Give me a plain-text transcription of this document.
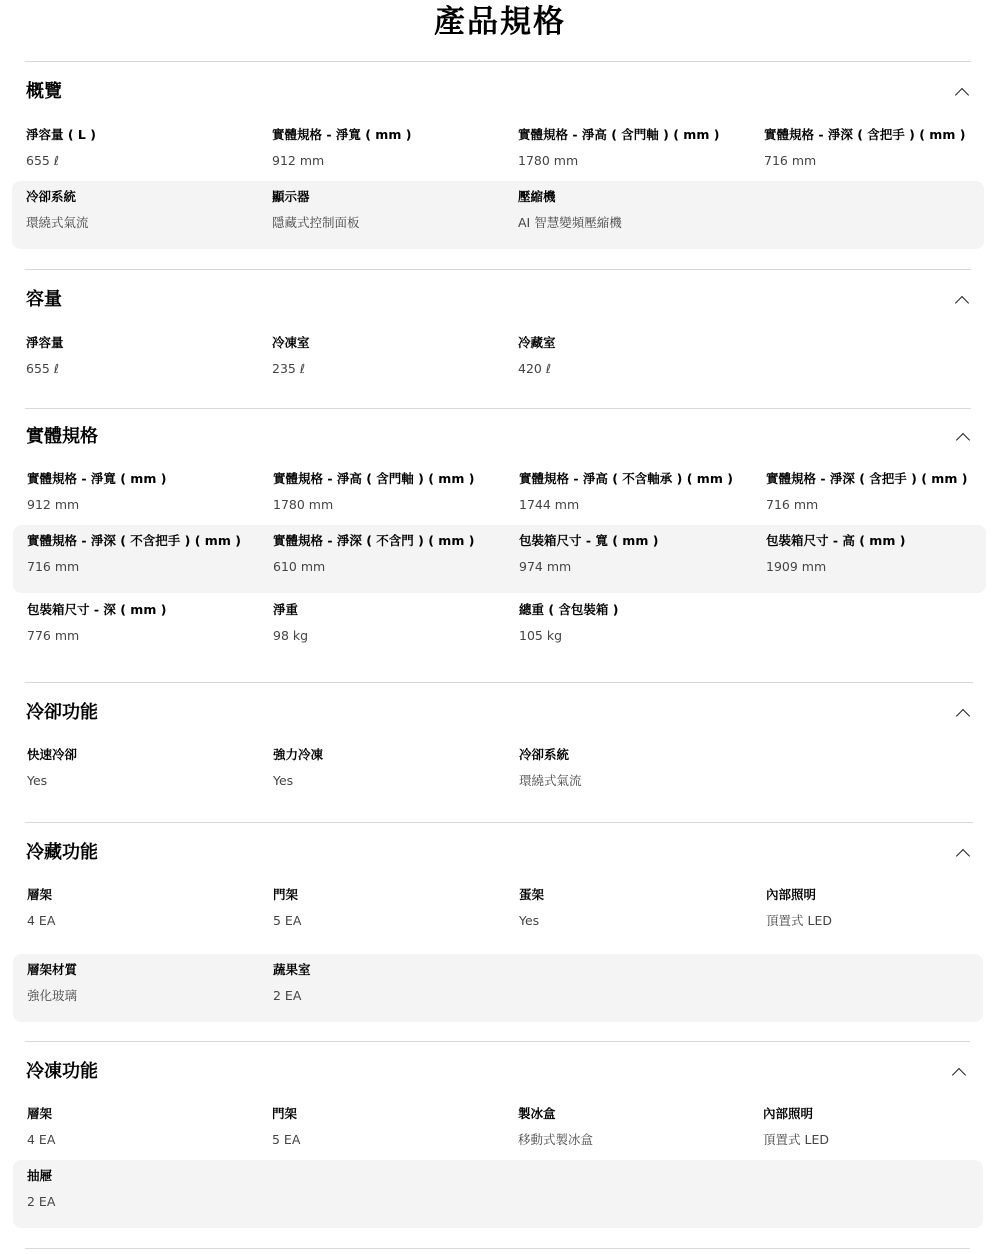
產品規格
概覽
淨容量 ( L )
655 ℓ
實體規格 - 淨寬 ( mm )
912 mm
實體規格 - 淨高 ( 含門軸 ) ( mm )
1780 mm
實體規格 - 淨深 ( 含把手 ) ( mm )
716 mm
冷卻系統
環繞式氣流
顯示器
隱藏式控制面板
壓縮機
AI 智慧變頻壓縮機
容量
淨容量
655 ℓ
冷凍室
235 ℓ
冷藏室
420 ℓ
實體規格
實體規格 - 淨寬 ( mm )
912 mm
實體規格 - 淨高 ( 含門軸 ) ( mm )
1780 mm
實體規格 - 淨高 ( 不含軸承 ) ( mm )
1744 mm
實體規格 - 淨深 ( 含把手 ) ( mm )
716 mm
實體規格 - 淨深 ( 不含把手 ) ( mm )
716 mm
實體規格 - 淨深 ( 不含門 ) ( mm )
610 mm
包裝箱尺寸 - 寬 ( mm )
974 mm
包裝箱尺寸 - 高 ( mm )
1909 mm
包裝箱尺寸 - 深 ( mm )
776 mm
淨重
98 kg
總重 ( 含包裝箱 )
105 kg
冷卻功能
快速冷卻
Yes
強力冷凍
Yes
冷卻系統
環繞式氣流
冷藏功能
層架
4 EA
門架
5 EA
蛋架
Yes
內部照明
頂置式 LED
層架材質
強化玻璃
蔬果室
2 EA
冷凍功能
層架
4 EA
門架
5 EA
製冰盒
移動式製冰盒
內部照明
頂置式 LED
抽屜
2 EA
